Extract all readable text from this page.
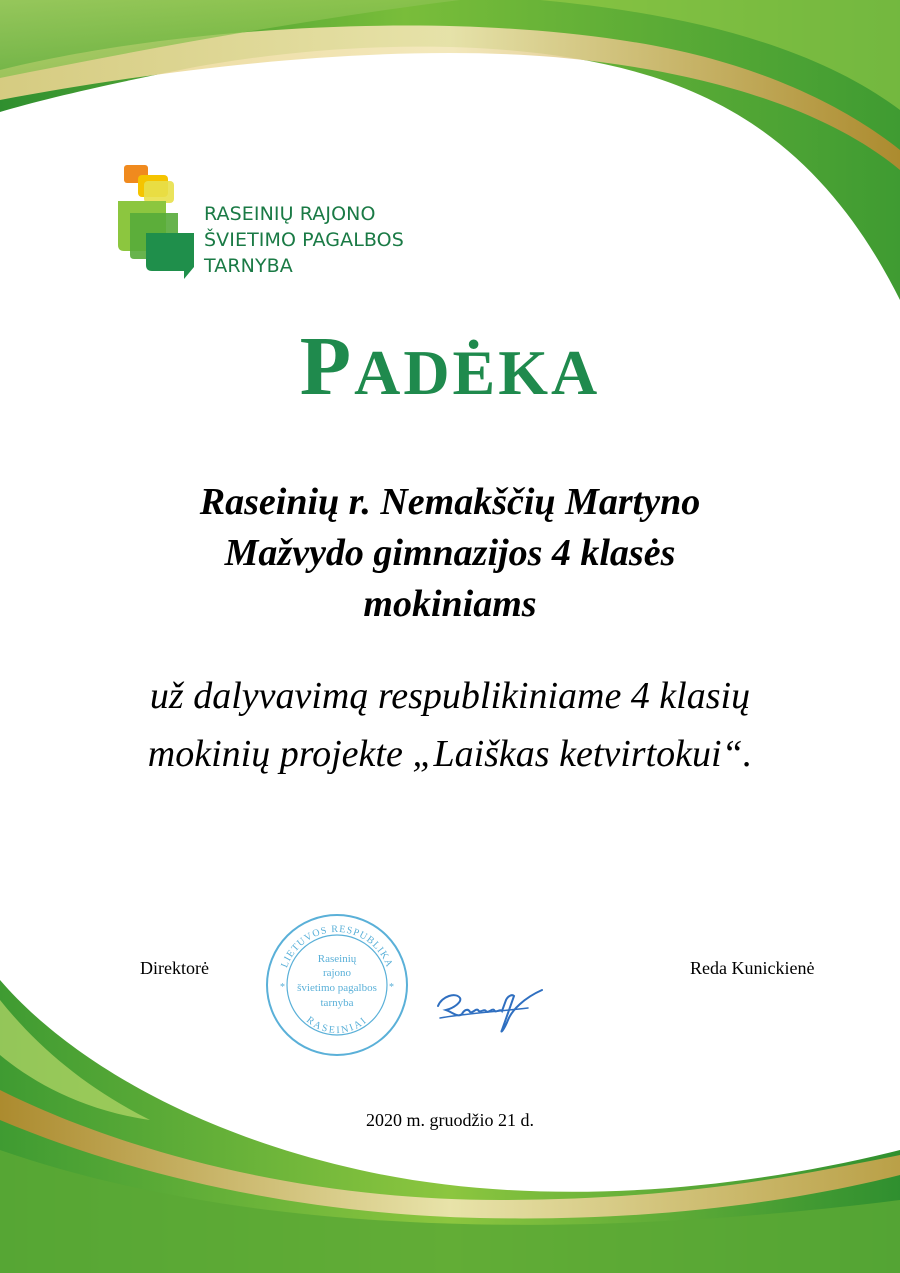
RASEINIŲ RAJONO
ŠVIETIMO PAGALBOS
TARNYBA
PADĖKA
Raseinių r. Nemakščių Martyno
Mažvydo gimnazijos 4 klasės
mokiniams
už dalyvavimą respublikiniame 4 klasių
mokinių projekte „Laiškas ketvirtokui“.
Direktorė	Reda Kunickienė
LIETUVOS RESPUBLIKA
RASEINIAI
*	*
Raseinių
rajono
švietimo pagalbos
tarnyba
2020 m. gruodžio 21 d.
